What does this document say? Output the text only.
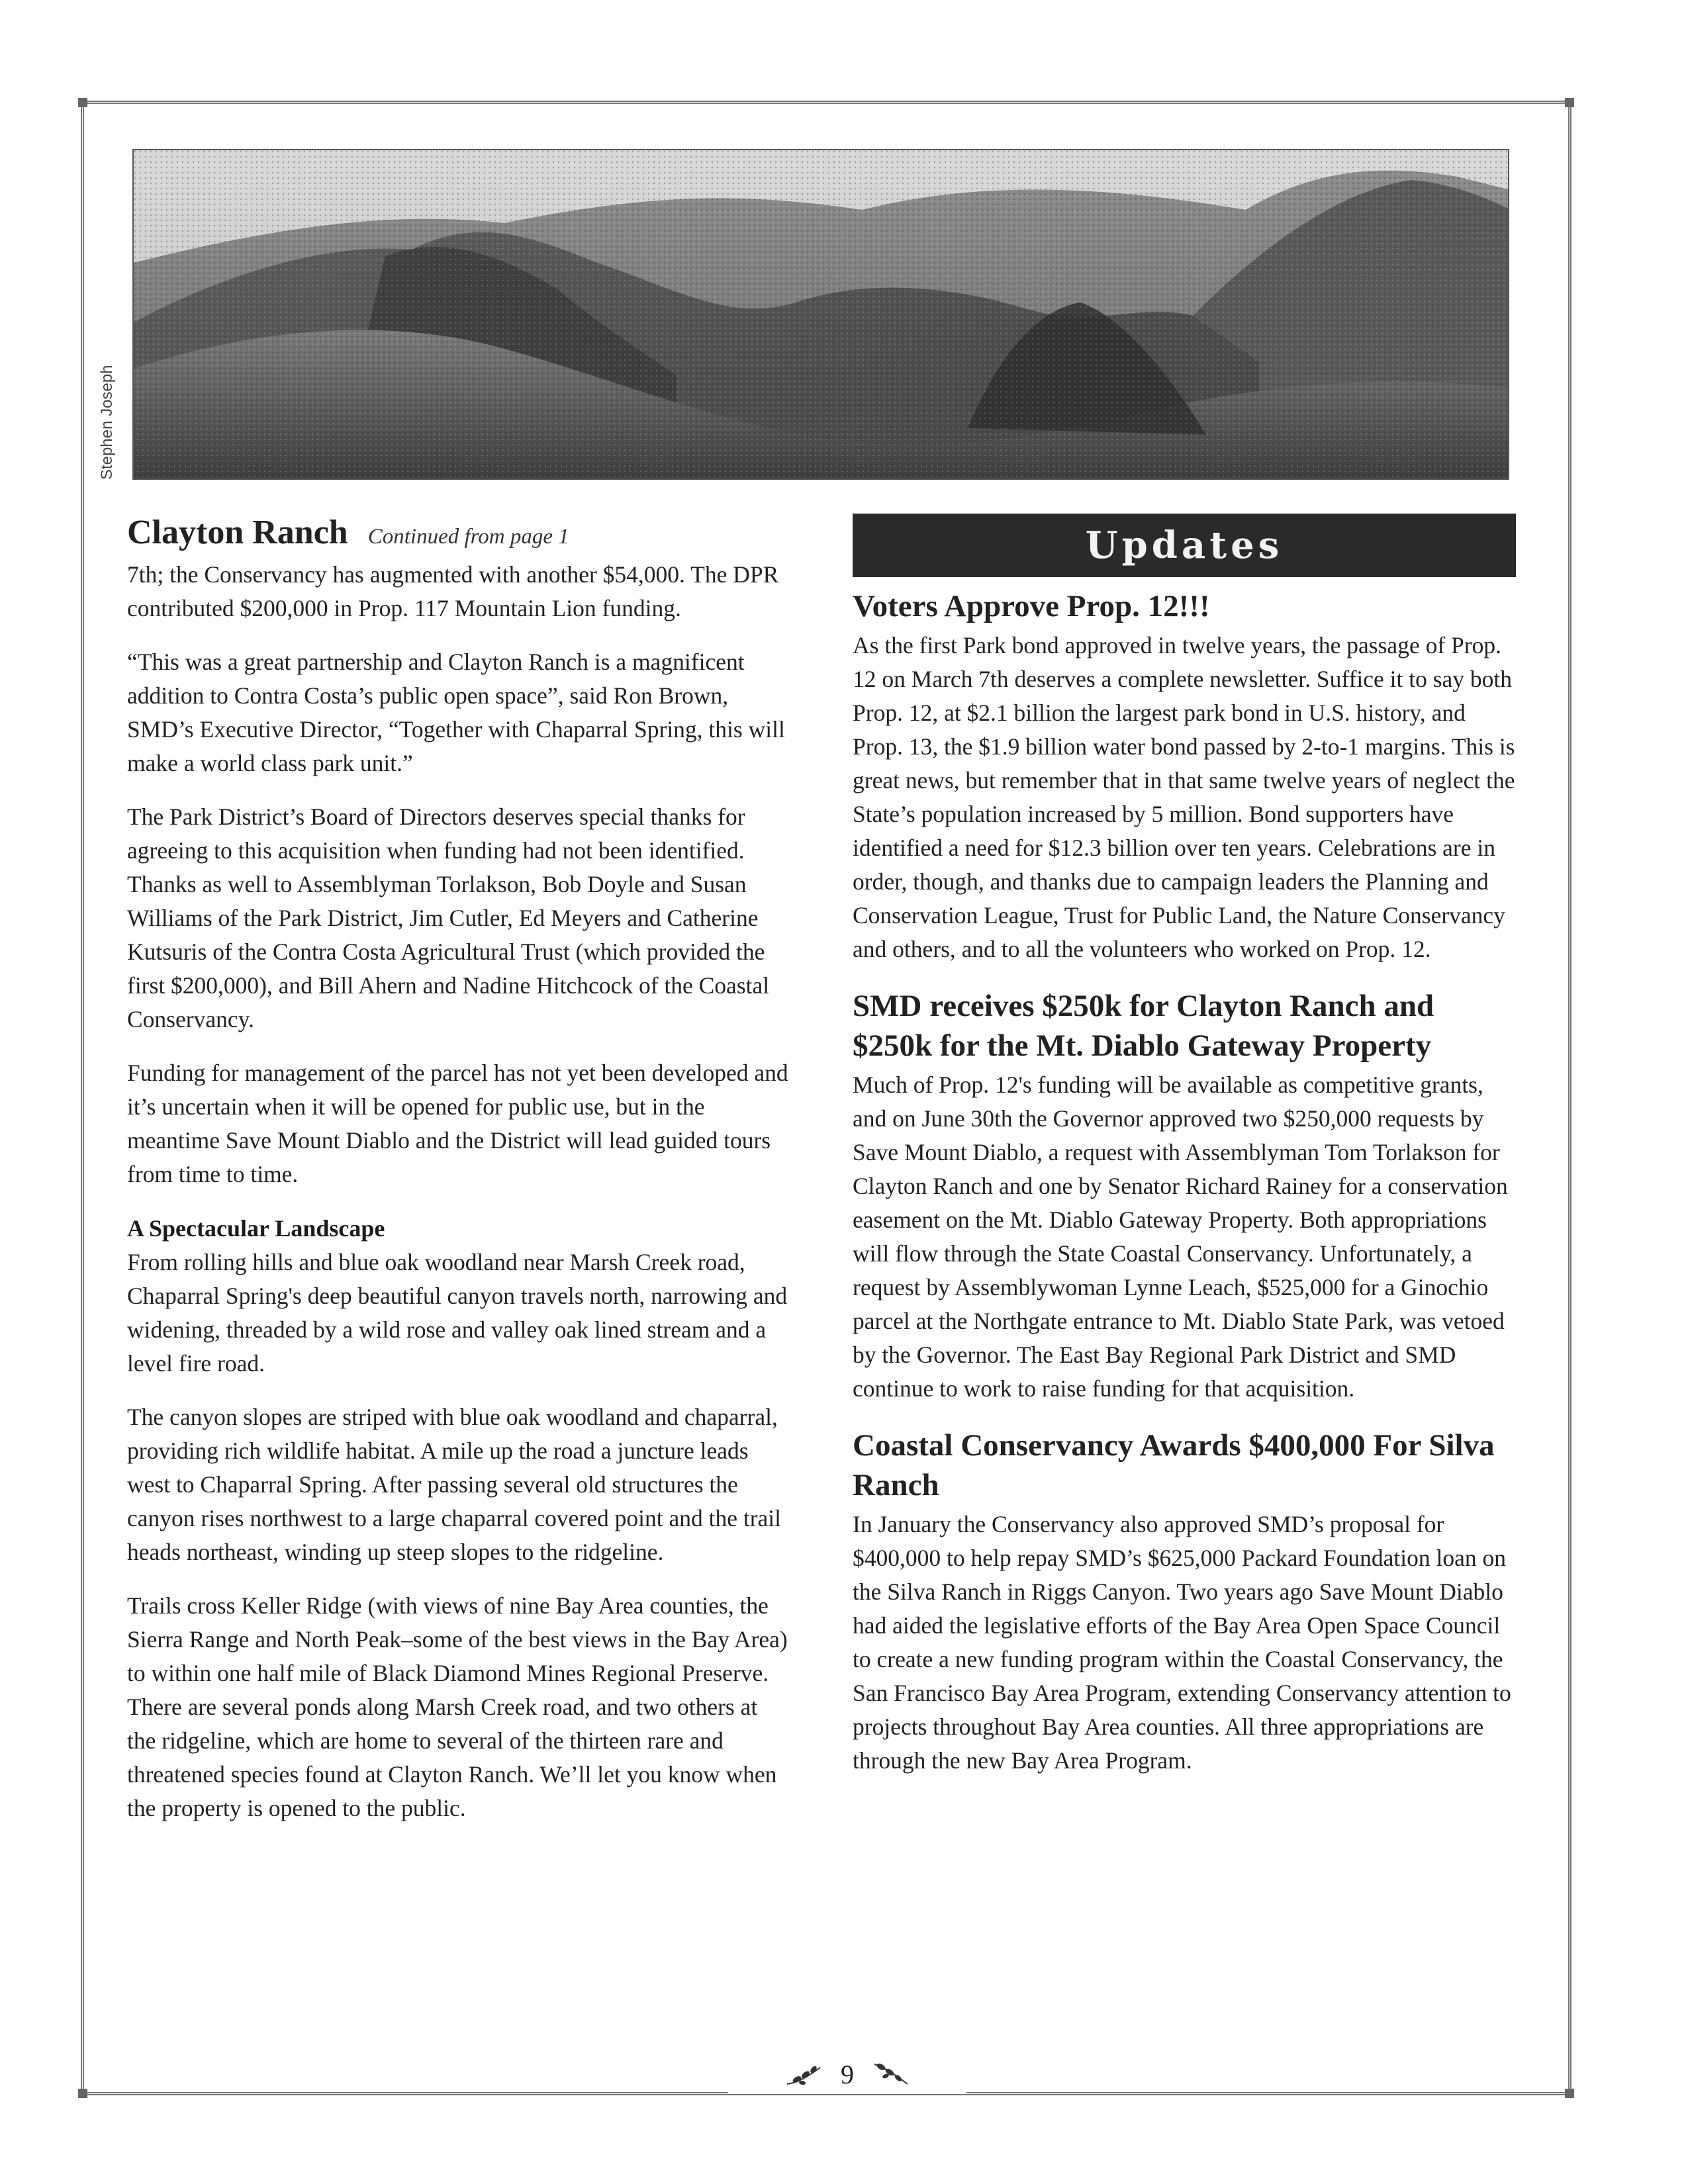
Stephen Joseph
Clayton Ranch Continued from page 1

7th; the Conservancy has augmented with another $54,000. The DPR contributed $200,000 in Prop. 117 Mountain Lion funding.

“This was a great partnership and Clayton Ranch is a magnificent addition to Contra Costa’s public open space”, said Ron Brown, SMD’s Executive Director, “Together with Chaparral Spring, this will make a world class park unit.”

The Park District’s Board of Directors deserves special thanks for agreeing to this acquisition when funding had not been identified. Thanks as well to Assemblyman Torlakson, Bob Doyle and Susan Williams of the Park District, Jim Cutler, Ed Meyers and Catherine Kutsuris of the Contra Costa Agricultural Trust (which provided the first $200,000), and Bill Ahern and Nadine Hitchcock of the Coastal Conservancy.

Funding for management of the parcel has not yet been developed and it’s uncertain when it will be opened for public use, but in the meantime Save Mount Diablo and the District will lead guided tours from time to time.

A Spectacular Landscape

From rolling hills and blue oak woodland near Marsh Creek road, Chaparral Spring's deep beautiful canyon travels north, narrowing and widening, threaded by a wild rose and valley oak lined stream and a level fire road.

The canyon slopes are striped with blue oak woodland and chaparral, providing rich wildlife habitat. A mile up the road a juncture leads west to Chaparral Spring. After passing several old structures the canyon rises northwest to a large chaparral covered point and the trail heads northeast, winding up steep slopes to the ridgeline.

Trails cross Keller Ridge (with views of nine Bay Area counties, the Sierra Range and North Peak–some of the best views in the Bay Area) to within one half mile of Black Diamond Mines Regional Preserve. There are several ponds along Marsh Creek road, and two others at the ridgeline, which are home to several of the thirteen rare and threatened species found at Clayton Ranch. We’ll let you know when the property is opened to the public.

Updates
Voters Approve Prop. 12!!!

As the first Park bond approved in twelve years, the passage of Prop. 12 on March 7th deserves a complete newsletter. Suffice it to say both Prop. 12, at $2.1 billion the largest park bond in U.S. history, and Prop. 13, the $1.9 billion water bond passed by 2-to-1 margins. This is great news, but remember that in that same twelve years of neglect the State’s population increased by 5 million. Bond supporters have identified a need for $12.3 billion over ten years. Celebrations are in order, though, and thanks due to campaign leaders the Planning and Conservation League, Trust for Public Land, the Nature Conservancy and others, and to all the volunteers who worked on Prop. 12.

SMD receives $250k for Clayton Ranch and $250k for the Mt. Diablo Gateway Property

Much of Prop. 12's funding will be available as competitive grants, and on June 30th the Governor approved two $250,000 requests by Save Mount Diablo, a request with Assemblyman Tom Torlakson for Clayton Ranch and one by Senator Richard Rainey for a conservation easement on the Mt. Diablo Gateway Property. Both appropriations will flow through the State Coastal Conservancy. Unfortunately, a request by Assemblywoman Lynne Leach, $525,000 for a Ginochio parcel at the Northgate entrance to Mt. Diablo State Park, was vetoed by the Governor. The East Bay Regional Park District and SMD continue to work to raise funding for that acquisition.

Coastal Conservancy Awards $400,000 For Silva Ranch

In January the Conservancy also approved SMD’s proposal for $400,000 to help repay SMD’s $625,000 Packard Foundation loan on the Silva Ranch in Riggs Canyon. Two years ago Save Mount Diablo had aided the legislative efforts of the Bay Area Open Space Council to create a new funding program within the Coastal Conservancy, the San Francisco Bay Area Program, extending Conservancy attention to projects throughout Bay Area counties. All three appropriations are through the new Bay Area Program.

9
